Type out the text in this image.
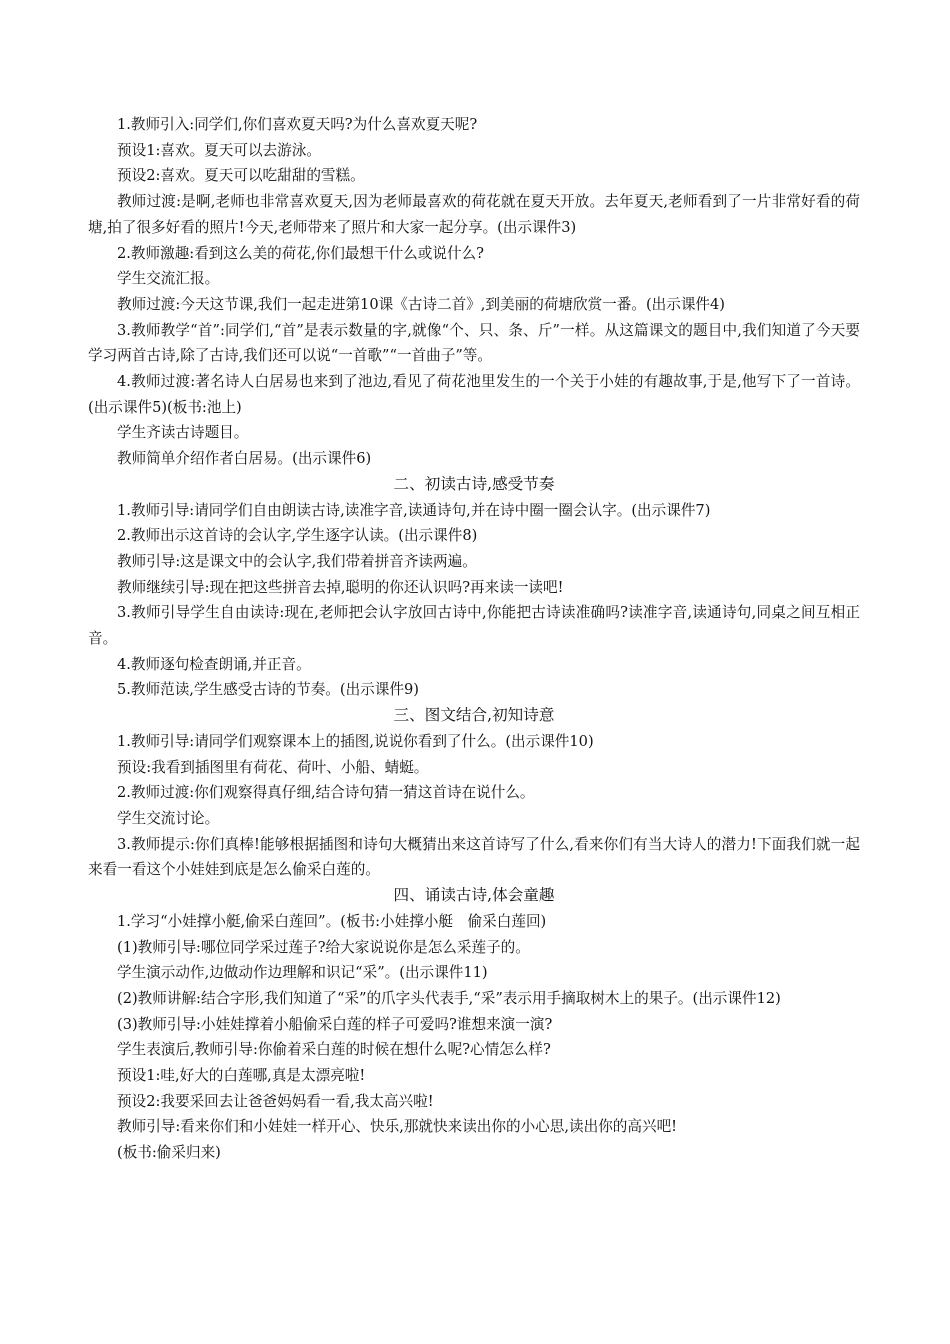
1.教师引入:同学们,你们喜欢夏天吗?为什么喜欢夏天呢?

预设1:喜欢。夏天可以去游泳。

预设2:喜欢。夏天可以吃甜甜的雪糕。

教师过渡:是啊,老师也非常喜欢夏天,因为老师最喜欢的荷花就在夏天开放。去年夏天,老师看到了一片非常好看的荷塘,拍了很多好看的照片!今天,老师带来了照片和大家一起分享。(出示课件3)

2.教师激趣:看到这么美的荷花,你们最想干什么或说什么?

学生交流汇报。

教师过渡:今天这节课,我们一起走进第10课《古诗二首》,到美丽的荷塘欣赏一番。(出示课件4)

3.教师教学“首”:同学们,“首”是表示数量的字,就像“个、只、条、斤”一样。从这篇课文的题目中,我们知道了今天要学习两首古诗,除了古诗,我们还可以说“一首歌”“一首曲子”等。

4.教师过渡:著名诗人白居易也来到了池边,看见了荷花池里发生的一个关于小娃的有趣故事,于是,他写下了一首诗。(出示课件5)(板书:池上)

学生齐读古诗题目。

教师简单介绍作者白居易。(出示课件6)

二、初读古诗,感受节奏

1.教师引导:请同学们自由朗读古诗,读准字音,读通诗句,并在诗中圈一圈会认字。(出示课件7)

2.教师出示这首诗的会认字,学生逐字认读。(出示课件8)

教师引导:这是课文中的会认字,我们带着拼音齐读两遍。

教师继续引导:现在把这些拼音去掉,聪明的你还认识吗?再来读一读吧!

3.教师引导学生自由读诗:现在,老师把会认字放回古诗中,你能把古诗读准确吗?读准字音,读通诗句,同桌之间互相正音。

4.教师逐句检查朗诵,并正音。

5.教师范读,学生感受古诗的节奏。(出示课件9)

三、图文结合,初知诗意

1.教师引导:请同学们观察课本上的插图,说说你看到了什么。(出示课件10)

预设:我看到插图里有荷花、荷叶、小船、蜻蜓。

2.教师过渡:你们观察得真仔细,结合诗句猜一猜这首诗在说什么。

学生交流讨论。

3.教师提示:你们真棒!能够根据插图和诗句大概猜出来这首诗写了什么,看来你们有当大诗人的潜力!下面我们就一起来看一看这个小娃娃到底是怎么偷采白莲的。

四、诵读古诗,体会童趣

1.学习“小娃撑小艇,偷采白莲回”。(板书:小娃撑小艇　偷采白莲回)

(1)教师引导:哪位同学采过莲子?给大家说说你是怎么采莲子的。

学生演示动作,边做动作边理解和识记“采”。(出示课件11)

(2)教师讲解:结合字形,我们知道了“采”的爪字头代表手,“采”表示用手摘取树木上的果子。(出示课件12)

(3)教师引导:小娃娃撑着小船偷采白莲的样子可爱吗?谁想来演一演?

学生表演后,教师引导:你偷着采白莲的时候在想什么呢?心情怎么样?

预设1:哇,好大的白莲哪,真是太漂亮啦!

预设2:我要采回去让爸爸妈妈看一看,我太高兴啦!

教师引导:看来你们和小娃娃一样开心、快乐,那就快来读出你的小心思,读出你的高兴吧!

(板书:偷采归来)
